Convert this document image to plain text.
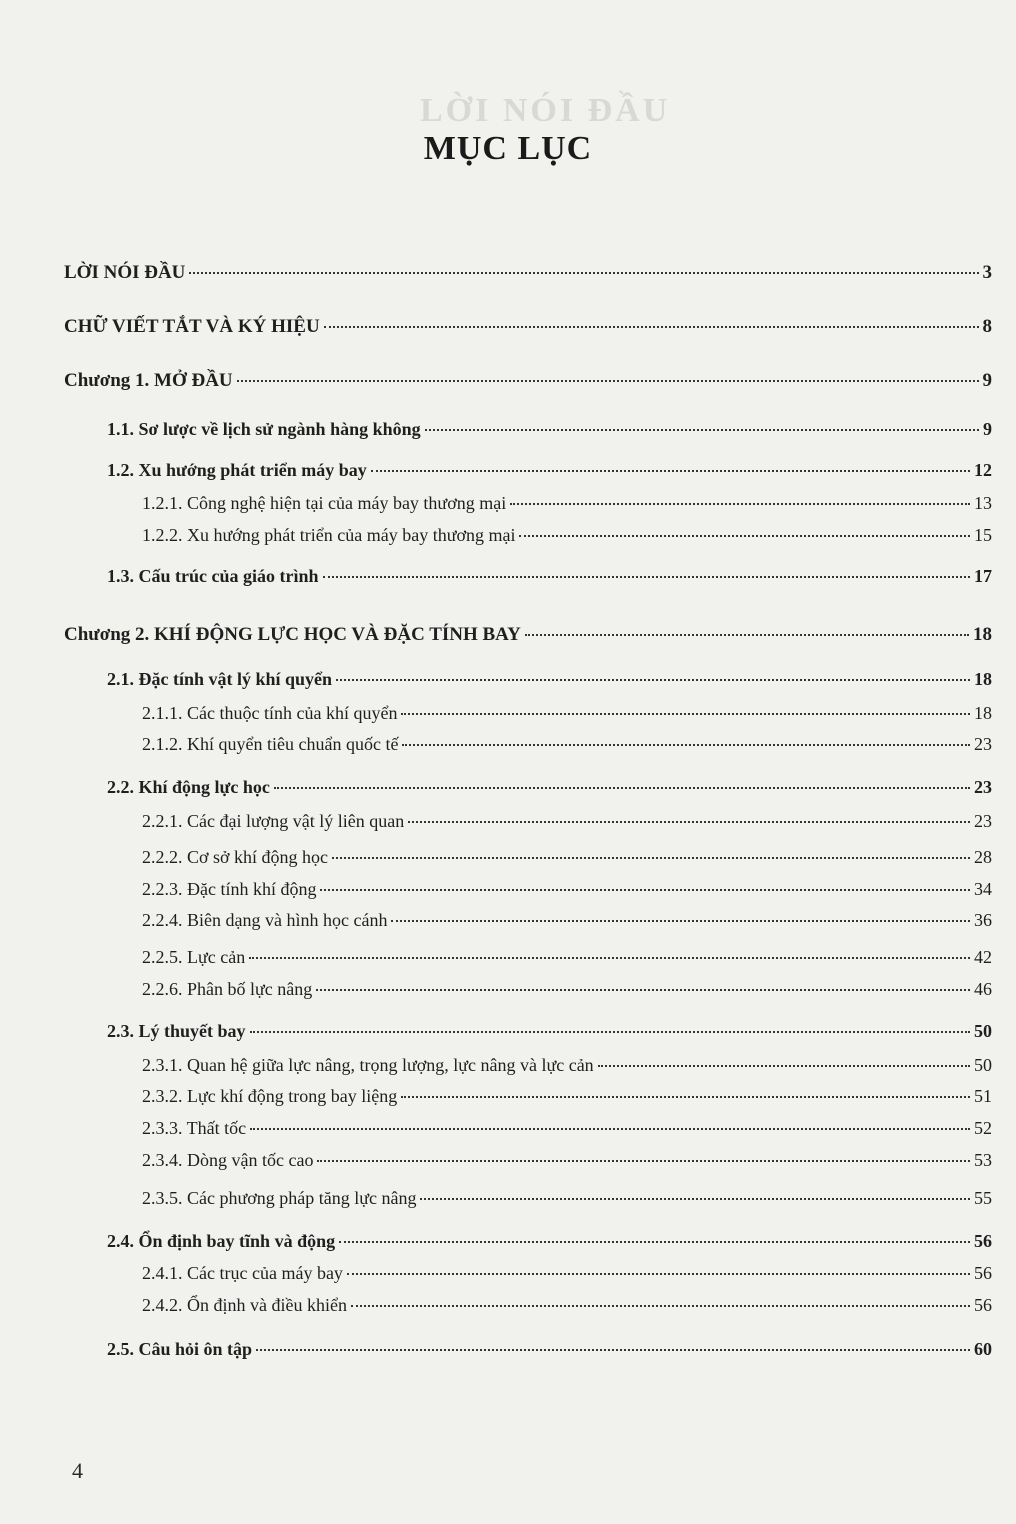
LỜI NÓI ĐẦU
MỤC LỤC
LỜI NÓI ĐẦU	3
CHỮ VIẾT TẮT VÀ KÝ HIỆU	8
Chương 1. MỞ ĐẦU	9
1.1. Sơ lược về lịch sử ngành hàng không	9
1.2. Xu hướng phát triển máy bay	12
1.2.1. Công nghệ hiện tại của máy bay thương mại	13
1.2.2. Xu hướng phát triển của máy bay thương mại	15
1.3. Cấu trúc của giáo trình	17
Chương 2. KHÍ ĐỘNG LỰC HỌC VÀ ĐẶC TÍNH BAY	18
2.1. Đặc tính vật lý khí quyển	18
2.1.1. Các thuộc tính của khí quyển	18
2.1.2. Khí quyển tiêu chuẩn quốc tế	23
2.2. Khí động lực học	23
2.2.1. Các đại lượng vật lý liên quan	23
2.2.2. Cơ sở khí động học	28
2.2.3. Đặc tính khí động	34
2.2.4. Biên dạng và hình học cánh	36
2.2.5. Lực cản	42
2.2.6. Phân bố lực nâng	46
2.3. Lý thuyết bay	50
2.3.1. Quan hệ giữa lực nâng, trọng lượng, lực nâng và lực cản	50
2.3.2. Lực khí động trong bay liệng	51
2.3.3. Thất tốc	52
2.3.4. Dòng vận tốc cao	53
2.3.5. Các phương pháp tăng lực nâng	55
2.4. Ổn định bay tĩnh và động	56
2.4.1. Các trục của máy bay	56
2.4.2. Ổn định và điều khiển	56
2.5. Câu hỏi ôn tập	60
4
